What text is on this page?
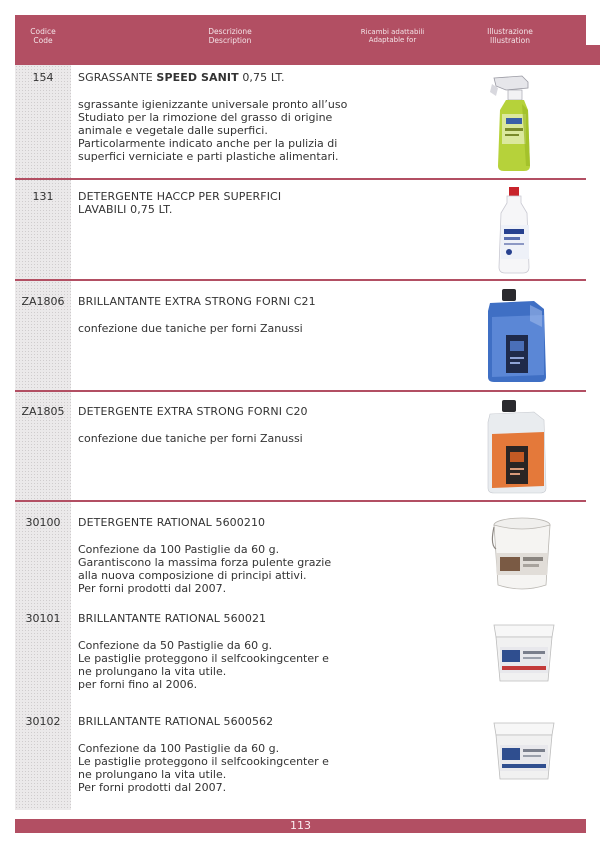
Codice
Code
Descrizione
Description
Ricambi adattabili
Adaptable for
Illustrazione
Illustration
154	SGRASSANTE SPEED SANIT 0,75 LT.
sgrassante igienizzante universale pronto all’uso
Studiato per la rimozione del grasso di origine
animale e vegetale dalle superfici.
Particolarmente indicato anche per la pulizia di
superfici verniciate e parti plastiche alimentari.
131	DETERGENTE HACCP PER SUPERFICI
LAVABILI 0,75 LT.
ZA1806	BRILLANTANTE EXTRA STRONG FORNI C21
confezione due taniche per forni Zanussi
ZA1805	DETERGENTE EXTRA STRONG FORNI C20
confezione due taniche per forni Zanussi
30100	DETERGENTE RATIONAL 5600210
Confezione da 100 Pastiglie da 60 g.
Garantiscono la massima forza pulente grazie
alla nuova composizione di principi attivi.
Per forni prodotti dal 2007.
30101	BRILLANTANTE RATIONAL 560021
Confezione da 50 Pastiglie da 60 g.
Le pastiglie proteggono il selfcookingcenter e
ne prolungano la vita utile.
per forni fino al 2006.
30102	BRILLANTANTE RATIONAL 5600562
Confezione da 100 Pastiglie da 60 g.
Le pastiglie proteggono il selfcookingcenter e
ne prolungano la vita utile.
Per forni prodotti dal 2007.
113
